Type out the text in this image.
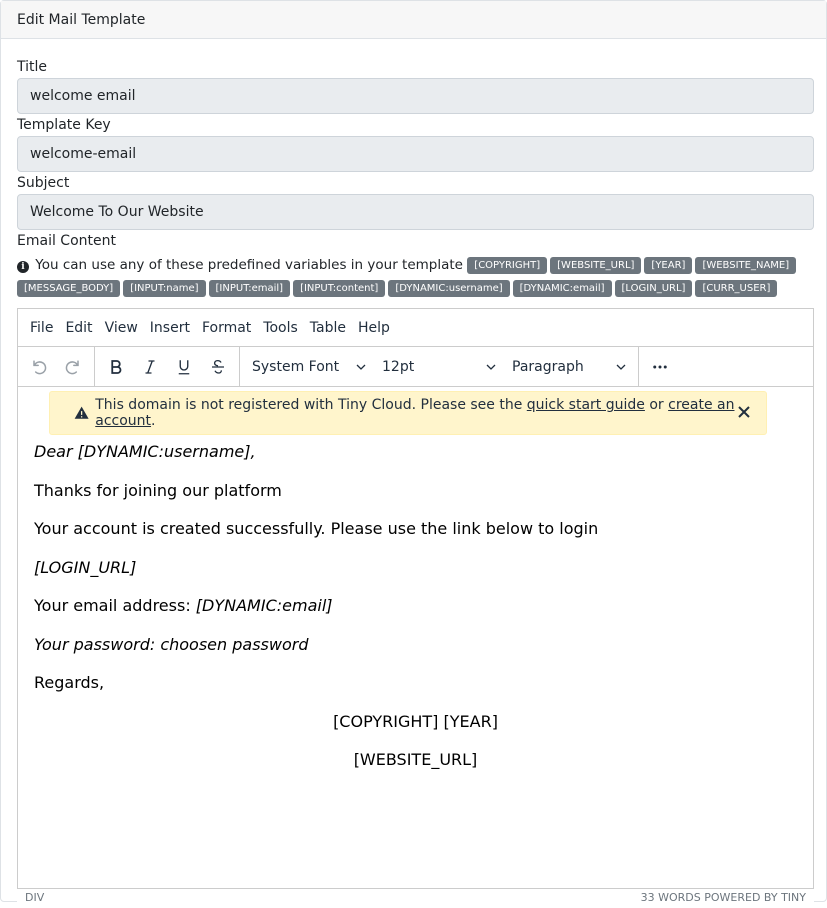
Edit Mail Template
Title
welcome email
Template Key
welcome-email
Subject
Welcome To Our Website
Email Content
i You can use any of these predefined variables in your template [COPYRIGHT] [WEBSITE_URL] [YEAR] [WEBSITE_NAME] [MESSAGE_BODY] [INPUT:name] [INPUT:email] [INPUT:content] [DYNAMIC:username] [DYNAMIC:email] [LOGIN_URL] [CURR_USER]
File Edit View Insert Format Tools Table Help
System Font	12pt	Paragraph
This domain is not registered with Tiny Cloud. Please see the quick start guide or create an account.

Dear [DYNAMIC:username],

Thanks for joining our platform

Your account is created successfully. Please use the link below to login

[LOGIN_URL]

Your email address: [DYNAMIC:email]

Your password: choosen password

Regards,

[COPYRIGHT] [YEAR]

[WEBSITE_URL]

DIV	33 WORDS POWERED BY TINY
